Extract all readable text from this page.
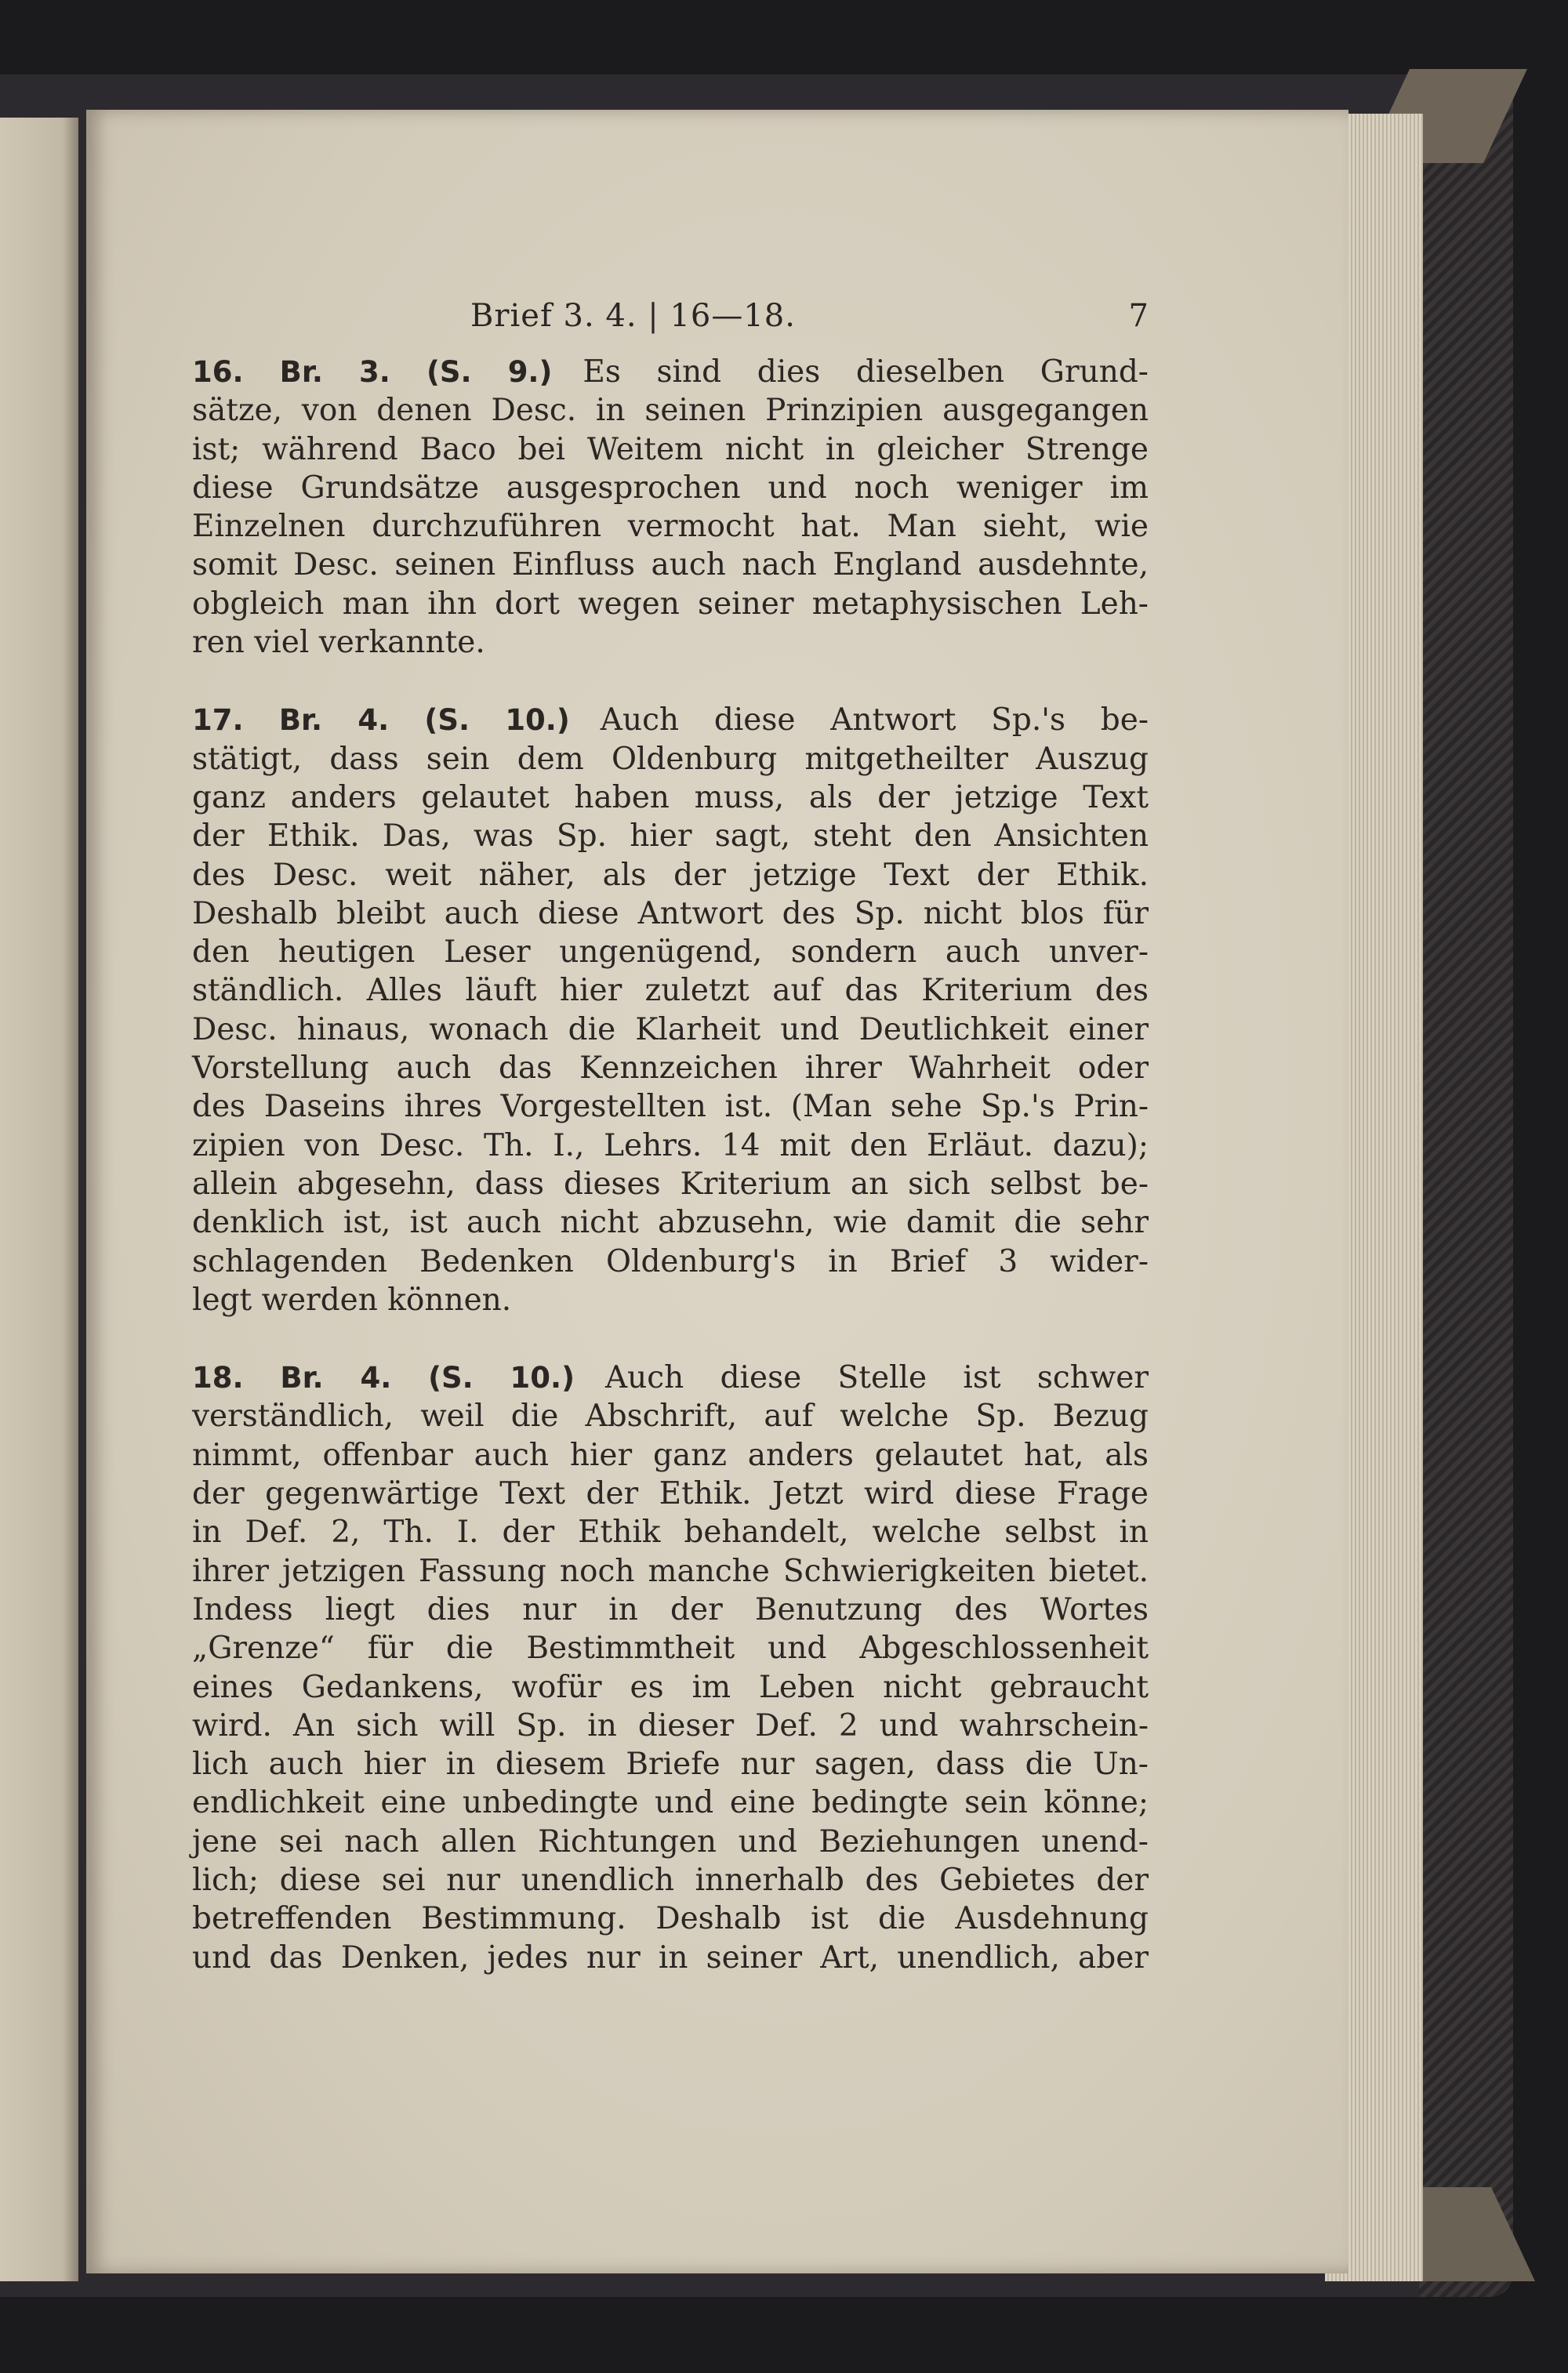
Brief 3. 4. | 16—18.	7
16. Br. 3. (S. 9.)  Es sind dies dieselben Grund-
sätze, von denen Desc. in seinen Prinzipien ausgegangen
ist; während Baco bei Weitem nicht in gleicher Strenge
diese Grundsätze ausgesprochen und noch weniger im
Einzelnen durchzuführen vermocht hat. Man sieht, wie
somit Desc. seinen Einfluss auch nach England ausdehnte,
obgleich man ihn dort wegen seiner metaphysischen Leh-
ren viel verkannte.
17. Br. 4. (S. 10.)  Auch diese Antwort Sp.'s be-
stätigt, dass sein dem Oldenburg mitgetheilter Auszug
ganz anders gelautet haben muss, als der jetzige Text
der Ethik. Das, was Sp. hier sagt, steht den Ansichten
des Desc. weit näher, als der jetzige Text der Ethik.
Deshalb bleibt auch diese Antwort des Sp. nicht blos für
den heutigen Leser ungenügend, sondern auch unver-
ständlich. Alles läuft hier zuletzt auf das Kriterium des
Desc. hinaus, wonach die Klarheit und Deutlichkeit einer
Vorstellung auch das Kennzeichen ihrer Wahrheit oder
des Daseins ihres Vorgestellten ist. (Man sehe Sp.'s Prin-
zipien von Desc. Th. I., Lehrs. 14 mit den Erläut. dazu);
allein abgesehn, dass dieses Kriterium an sich selbst be-
denklich ist, ist auch nicht abzusehn, wie damit die sehr
schlagenden Bedenken Oldenburg's in Brief 3 wider-
legt werden können.
18. Br. 4. (S. 10.)  Auch diese Stelle ist schwer
verständlich, weil die Abschrift, auf welche Sp. Bezug
nimmt, offenbar auch hier ganz anders gelautet hat, als
der gegenwärtige Text der Ethik. Jetzt wird diese Frage
in Def. 2, Th. I. der Ethik behandelt, welche selbst in
ihrer jetzigen Fassung noch manche Schwierigkeiten bietet.
Indess liegt dies nur in der Benutzung des Wortes
„Grenze“ für die Bestimmtheit und Abgeschlossenheit
eines Gedankens, wofür es im Leben nicht gebraucht
wird. An sich will Sp. in dieser Def. 2 und wahrschein-
lich auch hier in diesem Briefe nur sagen, dass die Un-
endlichkeit eine unbedingte und eine bedingte sein könne;
jene sei nach allen Richtungen und Beziehungen unend-
lich; diese sei nur unendlich innerhalb des Gebietes der
betreffenden Bestimmung. Deshalb ist die Ausdehnung
und das Denken, jedes nur in seiner Art, unendlich, aber
